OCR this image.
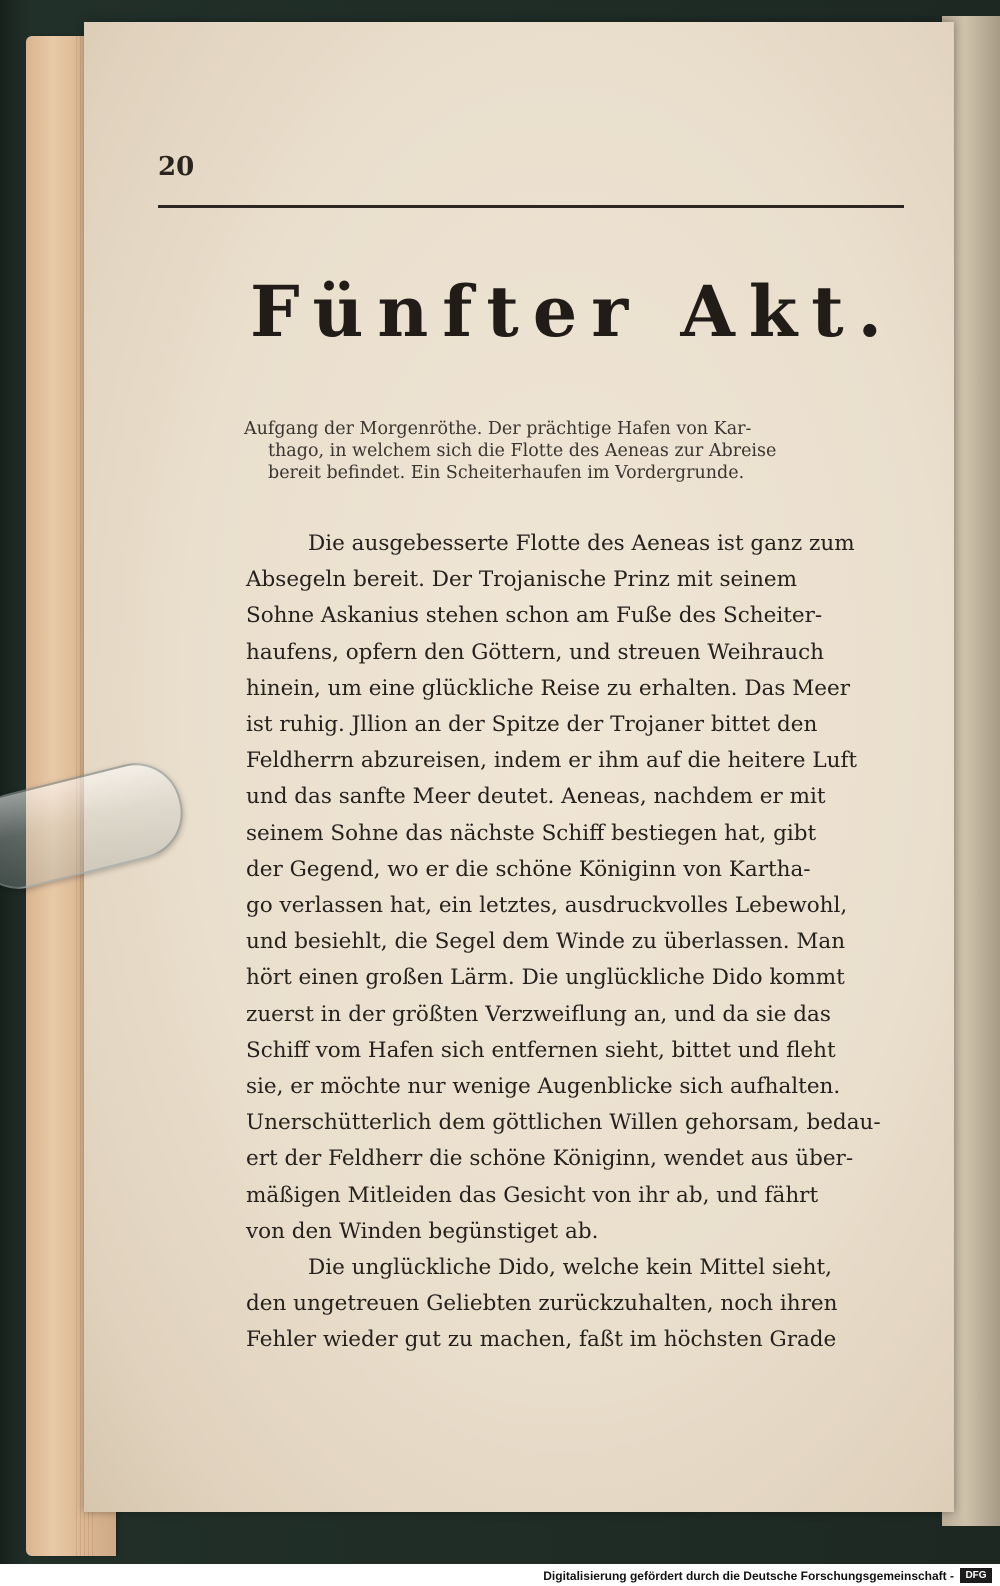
20
Fünfter Akt.
Aufgang der Morgenröthe. Der prächtige Hafen von Kar-
thago, in welchem sich die Flotte des Aeneas zur Abreise
bereit befindet. Ein Scheiterhaufen im Vordergrunde.
Die ausgebesserte Flotte des Aeneas ist ganz zum
Absegeln bereit. Der Trojanische Prinz mit seinem
Sohne Askanius stehen schon am Fuße des Scheiter-
haufens, opfern den Göttern, und streuen Weihrauch
hinein, um eine glückliche Reise zu erhalten. Das Meer
ist ruhig. Jllion an der Spitze der Trojaner bittet den
Feldherrn abzureisen, indem er ihm auf die heitere Luft
und das sanfte Meer deutet. Aeneas, nachdem er mit
seinem Sohne das nächste Schiff bestiegen hat, gibt
der Gegend, wo er die schöne Königinn von Kartha-
go verlassen hat, ein letztes, ausdruckvolles Lebewohl,
und besiehlt, die Segel dem Winde zu überlassen. Man
hört einen großen Lärm. Die unglückliche Dido kommt
zuerst in der größten Verzweiflung an, und da sie das
Schiff vom Hafen sich entfernen sieht, bittet und fleht
sie, er möchte nur wenige Augenblicke sich aufhalten.
Unerschütterlich dem göttlichen Willen gehorsam, bedau-
ert der Feldherr die schöne Königinn, wendet aus über-
mäßigen Mitleiden das Gesicht von ihr ab, und fährt
von den Winden begünstiget ab.
Die unglückliche Dido, welche kein Mittel sieht,
den ungetreuen Geliebten zurückzuhalten, noch ihren
Fehler wieder gut zu machen, faßt im höchsten Grade
Digitalisierung gefördert durch die Deutsche Forschungsgemeinschaft -	DFG
